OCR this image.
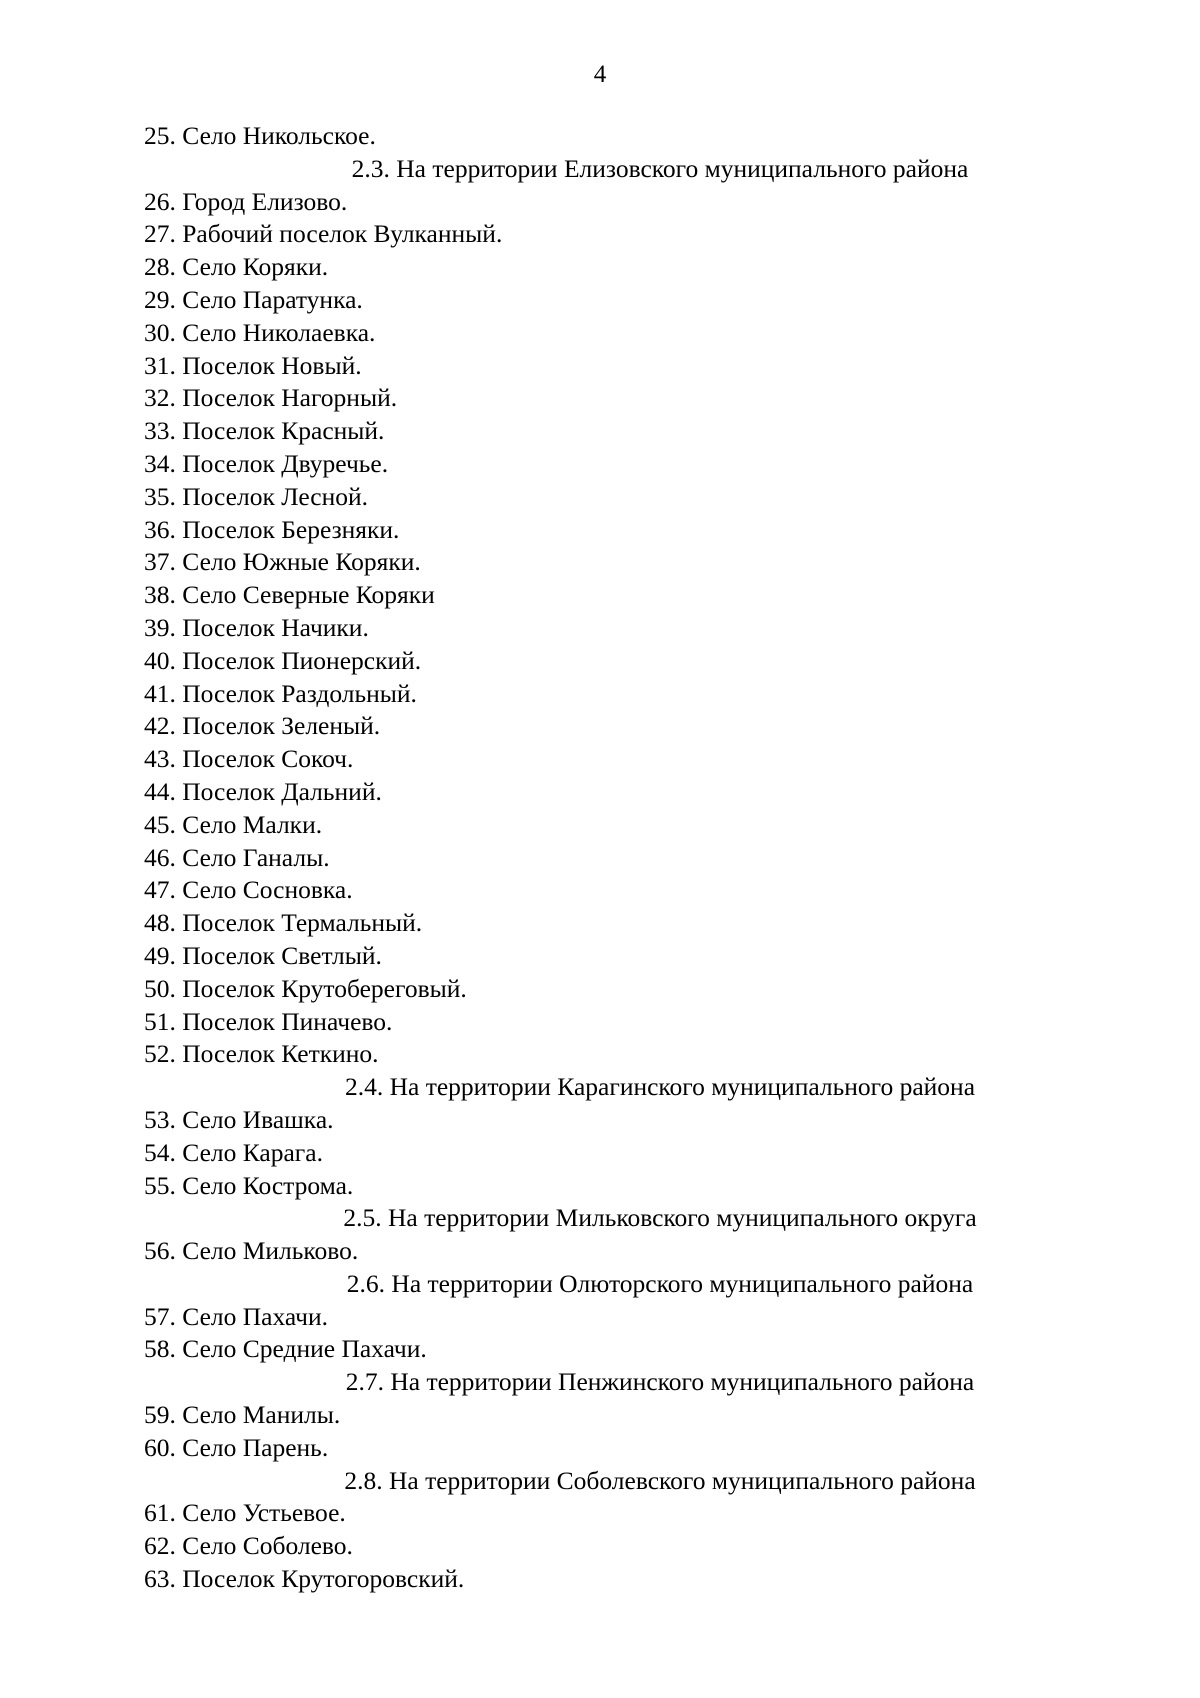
4
25. Село Никольское.
2.3. На территории Елизовского муниципального района
26. Город Елизово.
27. Рабочий поселок Вулканный.
28. Село Коряки.
29. Село Паратунка.
30. Село Николаевка.
31. Поселок Новый.
32. Поселок Нагорный.
33. Поселок Красный.
34. Поселок Двуречье.
35. Поселок Лесной.
36. Поселок Березняки.
37. Село Южные Коряки.
38. Село Северные Коряки
39. Поселок Начики.
40. Поселок Пионерский.
41. Поселок Раздольный.
42. Поселок Зеленый.
43. Поселок Сокоч.
44. Поселок Дальний.
45. Село Малки.
46. Село Ганалы.
47. Село Сосновка.
48. Поселок Термальный.
49. Поселок Светлый.
50. Поселок Крутобереговый.
51. Поселок Пиначево.
52. Поселок Кеткино.
2.4. На территории Карагинского муниципального района
53. Село Ивашка.
54. Село Карага.
55. Село Кострома.
2.5. На территории Мильковского муниципального округа
56. Село Мильково.
2.6. На территории Олюторского муниципального района
57. Село Пахачи.
58. Село Средние Пахачи.
2.7. На территории Пенжинского муниципального района
59. Село Манилы.
60. Село Парень.
2.8. На территории Соболевского муниципального района
61. Село Устьевое.
62. Село Соболево.
63. Поселок Крутогоровский.
